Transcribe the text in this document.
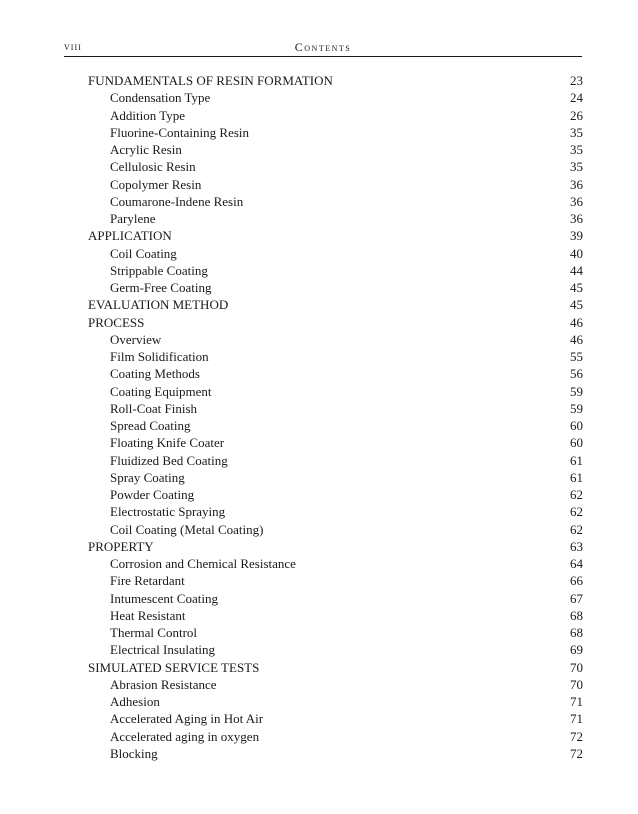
viii	Contents
FUNDAMENTALS OF RESIN FORMATION	23
Condensation Type	24
Addition Type	26
Fluorine-Containing Resin	35
Acrylic Resin	35
Cellulosic Resin	35
Copolymer Resin	36
Coumarone-Indene Resin	36
Parylene	36
APPLICATION	39
Coil Coating	40
Strippable Coating	44
Germ-Free Coating	45
EVALUATION METHOD	45
PROCESS	46
Overview	46
Film Solidification	55
Coating Methods	56
Coating Equipment	59
Roll-Coat Finish	59
Spread Coating	60
Floating Knife Coater	60
Fluidized Bed Coating	61
Spray Coating	61
Powder Coating	62
Electrostatic Spraying	62
Coil Coating (Metal Coating)	62
PROPERTY	63
Corrosion and Chemical Resistance	64
Fire Retardant	66
Intumescent Coating	67
Heat Resistant	68
Thermal Control	68
Electrical Insulating	69
SIMULATED SERVICE TESTS	70
Abrasion Resistance	70
Adhesion	71
Accelerated Aging in Hot Air	71
Accelerated aging in oxygen	72
Blocking	72
